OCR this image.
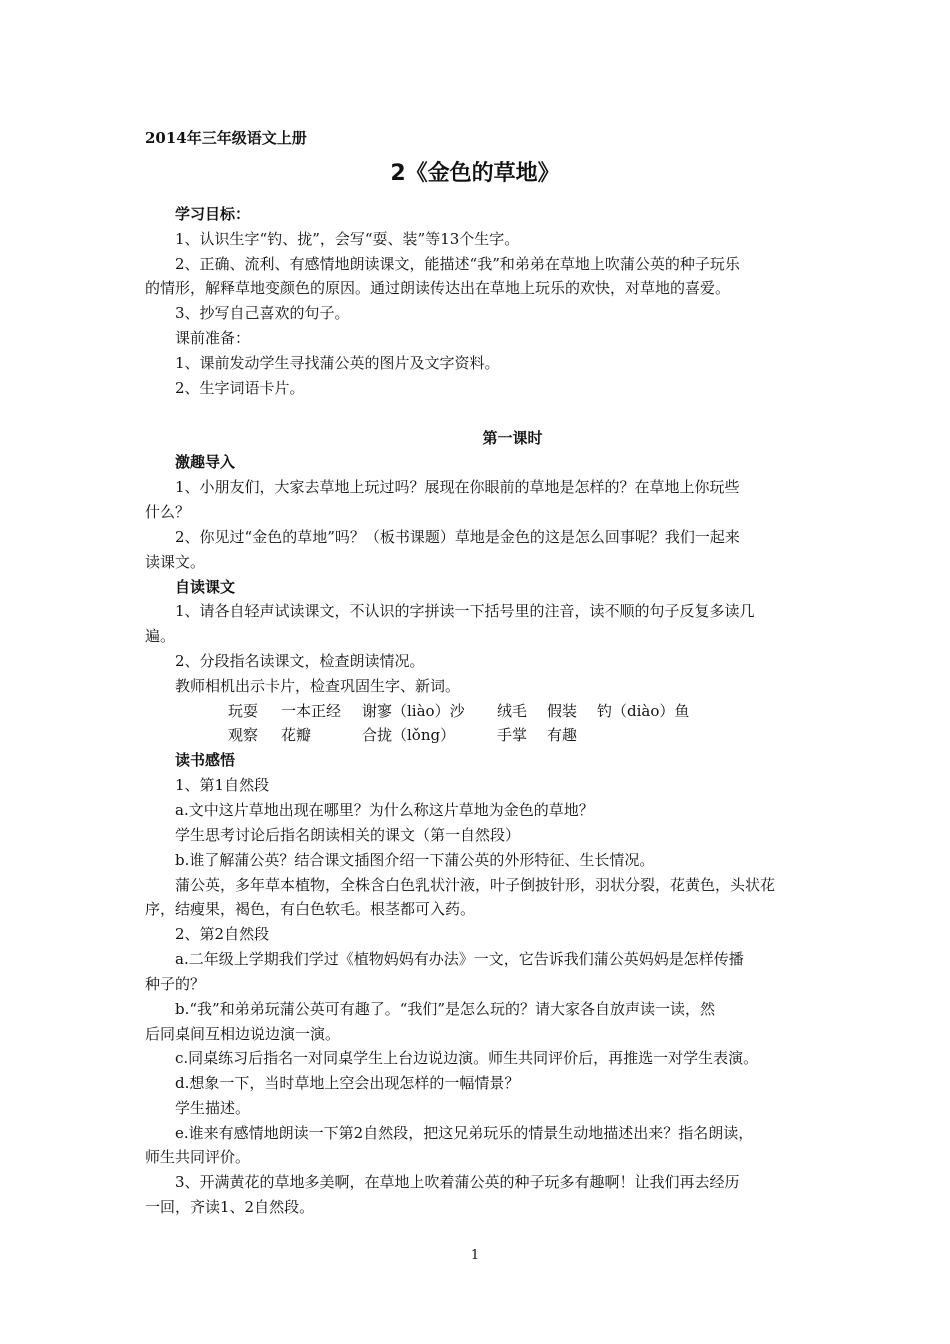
2014年三年级语文上册
2《金色的草地》
学习目标：
1、认识生字“钓、拢”，会写“耍、装”等13个生字。
2、正确、流利、有感情地朗读课文，能描述“我”和弟弟在草地上吹蒲公英的种子玩乐
的情形，解释草地变颜色的原因。通过朗读传达出在草地上玩乐的欢快，对草地的喜爱。
3、抄写自己喜欢的句子。
课前准备：
1、课前发动学生寻找蒲公英的图片及文字资料。
2、生字词语卡片。
第一课时
激趣导入
1、小朋友们，大家去草地上玩过吗？展现在你眼前的草地是怎样的？在草地上你玩些
什么？
2、你见过“金色的草地”吗？（板书课题）草地是金色的这是怎么回事呢？我们一起来
读课文。
自读课文
1、请各自轻声试读课文，不认识的字拼读一下括号里的注音，读不顺的句子反复多读几
遍。
2、分段指名读课文，检查朗读情况。
教师相机出示卡片，检查巩固生字、新词。
玩耍 一本正经 谢寥（liào）沙 绒毛 假装 钓（diào）鱼
观察 花瓣	合拢（lǒng）	手掌 有趣
读书感悟
1、第1自然段
a.文中这片草地出现在哪里？为什么称这片草地为金色的草地？
学生思考讨论后指名朗读相关的课文（第一自然段）
b.谁了解蒲公英？结合课文插图介绍一下蒲公英的外形特征、生长情况。
蒲公英，多年草本植物，全株含白色乳状汁液，叶子倒披针形，羽状分裂，花黄色，头状花
序，结瘦果，褐色，有白色软毛。根茎都可入药。
2、第2自然段
a.二年级上学期我们学过《植物妈妈有办法》一文，它告诉我们蒲公英妈妈是怎样传播
种子的？
b.“我”和弟弟玩蒲公英可有趣了。“我们”是怎么玩的？请大家各自放声读一读，然
后同桌间互相边说边演一演。
c.同桌练习后指名一对同桌学生上台边说边演。师生共同评价后，再推选一对学生表演。
d.想象一下，当时草地上空会出现怎样的一幅情景？
学生描述。
e.谁来有感情地朗读一下第2自然段，把这兄弟玩乐的情景生动地描述出来？指名朗读，
师生共同评价。
3、开满黄花的草地多美啊，在草地上吹着蒲公英的种子玩多有趣啊！让我们再去经历
一回，齐读1、2自然段。
1
